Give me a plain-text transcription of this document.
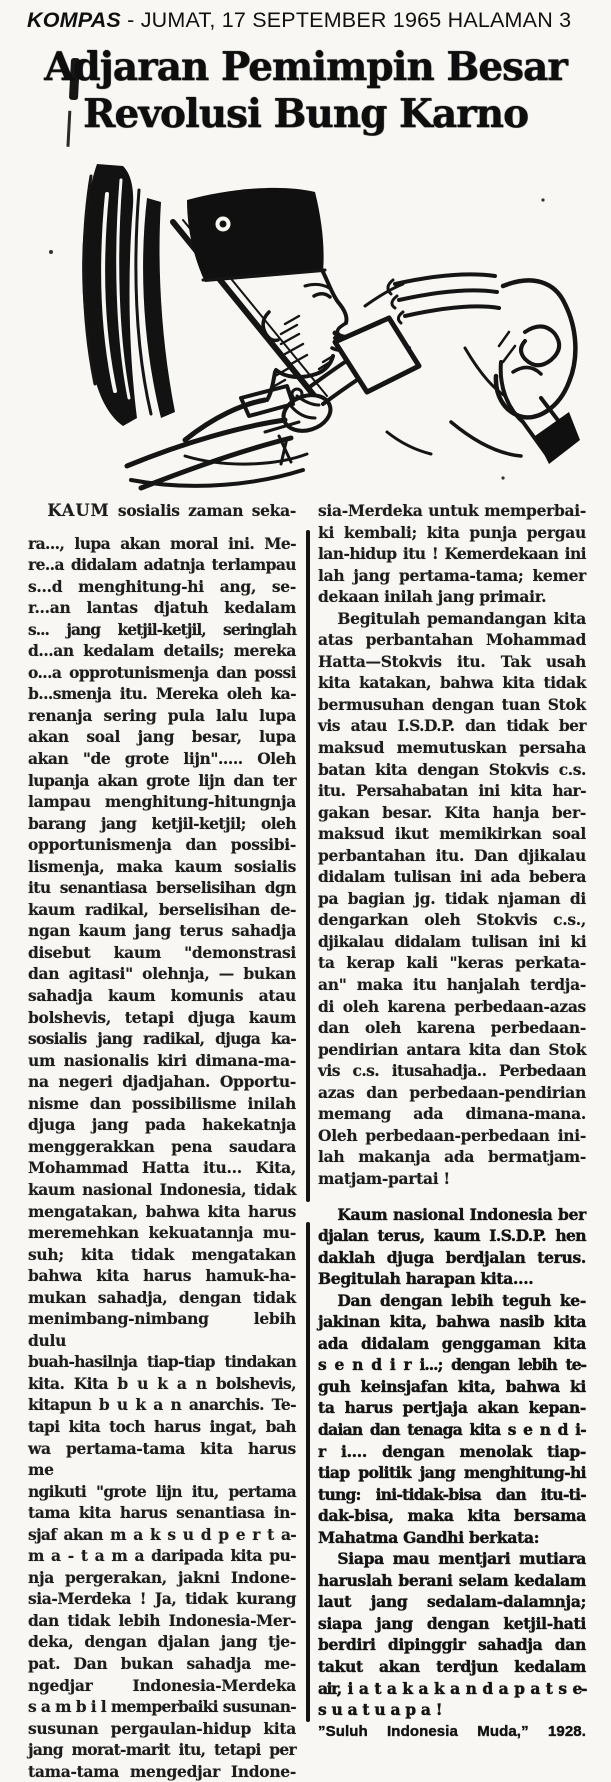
KOMPAS - JUMAT, 17 SEPTEMBER 1965 HALAMAN 3
Adjaran Pemimpin Besar
Revolusi Bung Karno
KAUM sosialis zaman seka-
ra..., lupa akan moral ini. Me-
re..a didalam adatnja terlampau
s...d menghitung-hi ang, se-
r...an lantas djatuh kedalam
s... jang ketjil-ketjil, seringlah
d...an kedalam details; mereka
o...a opprotunismenja dan possi
b...smenja itu. Mereka oleh ka-
renanja sering pula lalu lupa
akan soal jang besar, lupa
akan "de grote lijn"..... Oleh
lupanja akan grote lijn dan ter
lampau menghitung-hitungnja
barang jang ketjil-ketjil; oleh
opportunismenja dan possibi-
lismenja, maka kaum sosialis
itu senantiasa berselisihan dgn
kaum radikal, berselisihan de-
ngan kaum jang terus sahadja
disebut kaum "demonstrasi
dan agitasi" olehnja, — bukan
sahadja kaum komunis atau
bolshevis, tetapi djuga kaum
sosialis jang radikal, djuga ka-
um nasionalis kiri dimana-ma-
na negeri djadjahan. Opportu-
nisme dan possibilisme inilah
djuga jang pada hakekatnja
menggerakkan pena saudara
Mohammad Hatta itu... Kita,
kaum nasional Indonesia, tidak
mengatakan, bahwa kita harus
meremehkan kekuatannja mu-
suh; kita tidak mengatakan
bahwa kita harus hamuk-ha-
mukan sahadja, dengan tidak
menimbang-nimbang lebih dulu
buah-hasilnja tiap-tiap tindakan
kita. Kita b u k a n bolshevis,
kitapun b u k a n anarchis. Te-
tapi kita toch harus ingat, bah
wa pertama-tama kita harus me
ngikuti "grote lijn itu, pertama
tama kita harus senantiasa in-
sjaf akan m a k s u d p e r t a-
m a - t a m a daripada kita pu-
nja pergerakan, jakni Indone-
sia-Merdeka ! Ja, tidak kurang
dan tidak lebih Indonesia-Mer-
deka, dengan djalan jang tje-
pat. Dan bukan sahadja me-
ngedjar Indonesia-Merdeka
s a m b i l memperbaiki susunan-
susunan pergaulan-hidup kita
jang morat-marit itu, tetapi per
tama-tama mengedjar Indone-
sia-Merdeka untuk memperbai-
ki kembali; kita punja pergau
lan-hidup itu ! Kemerdekaan ini
lah jang pertama-tama; kemer
dekaan inilah jang primair.
Begitulah pemandangan kita
atas perbantahan Mohammad
Hatta—Stokvis itu. Tak usah
kita katakan, bahwa kita tidak
bermusuhan dengan tuan Stok
vis atau I.S.D.P. dan tidak ber
maksud memutuskan persaha
batan kita dengan Stokvis c.s.
itu. Persahabatan ini kita har-
gakan besar. Kita hanja ber-
maksud ikut memikirkan soal
perbantahan itu. Dan djikalau
didalam tulisan ini ada bebera
pa bagian jg. tidak njaman di
dengarkan oleh Stokvis c.s.,
djikalau didalam tulisan ini ki
ta kerap kali "keras perkata-
an" maka itu hanjalah terdja-
di oleh karena perbedaan-azas
dan oleh karena perbedaan-
pendirian antara kita dan Stok
vis c.s. itusahadja.. Perbedaan
azas dan perbedaan-pendirian
memang ada dimana-mana.
Oleh perbedaan-perbedaan ini-
lah makanja ada bermatjam-
matjam-partai !
Kaum nasional Indonesia ber
djalan terus, kaum I.S.D.P. hen
daklah djuga berdjalan terus.
Begitulah harapan kita....
Dan dengan lebih teguh ke-
jakinan kita, bahwa nasib kita
ada didalam genggaman kita
s e n d i r i...; dengan lebih te-
guh keinsjafan kita, bahwa ki
ta harus pertjaja akan kepan-
daian dan tenaga kita s e n d i-
r i.... dengan menolak tiap-
tiap politik jang menghitung-hi
tung: ini-tidak-bisa dan itu-ti-
dak-bisa, maka kita bersama
Mahatma Gandhi berkata:
Siapa mau mentjari mutiara
haruslah berani selam kedalam
laut jang sedalam-dalamnja;
siapa jang dengan ketjil-hati
berdiri dipinggir sahadja dan
takut akan terdjun kedalam
air, i a t a k a k a n d a p a t s e-
s u a t u a p a !
”Suluh Indonesia Muda,” 1928.
